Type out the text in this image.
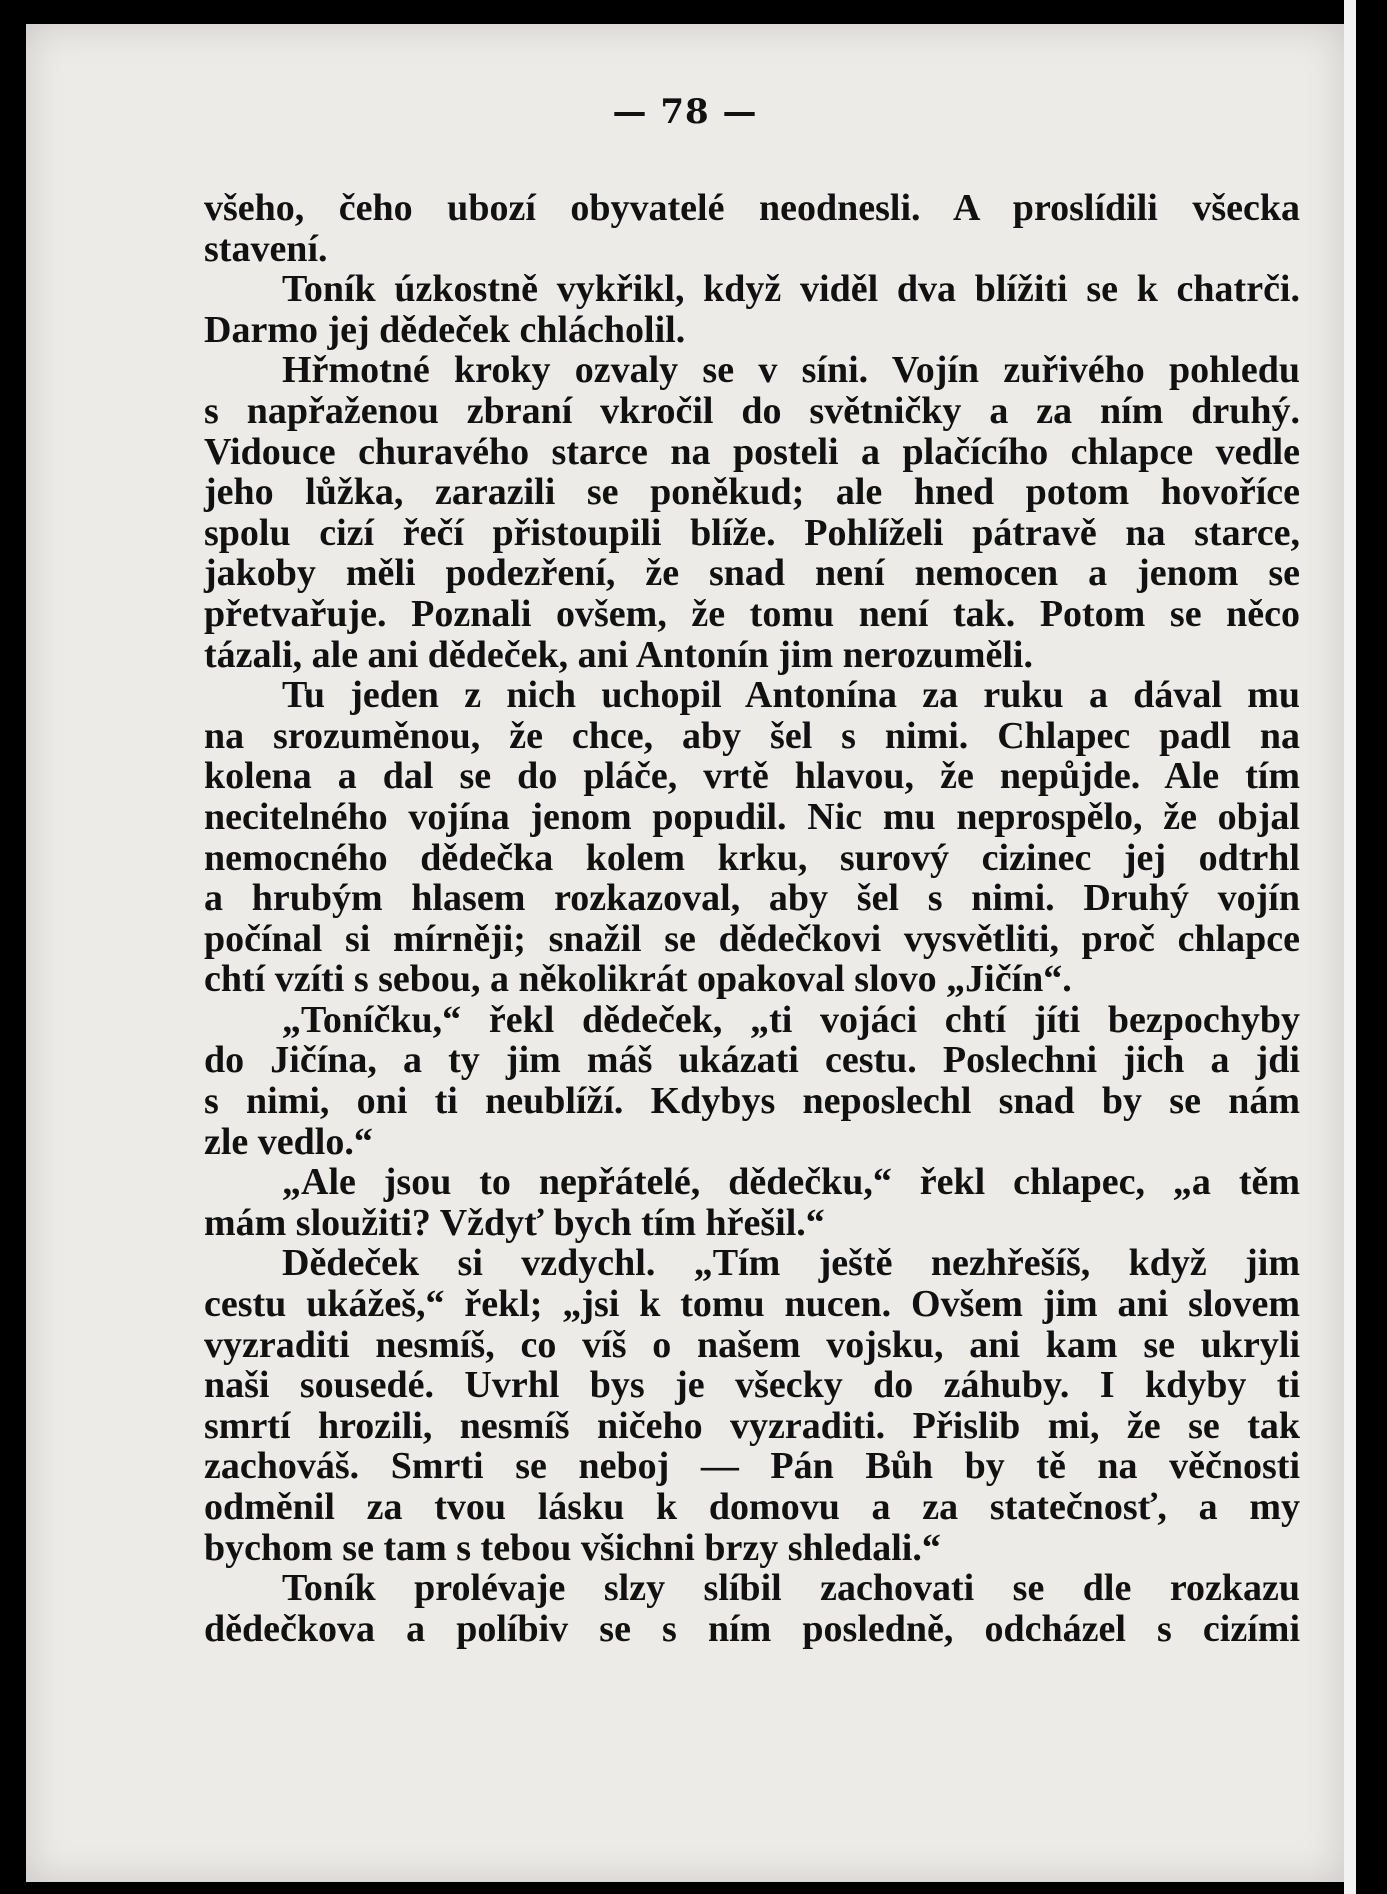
— 78 —
všeho, čeho ubozí obyvatelé neodnesli. A proslídili všecka
stavení.
Toník úzkostně vykřikl, když viděl dva blížiti se k chatrči.
Darmo jej dědeček chlácholil.
Hřmotné kroky ozvaly se v síni. Vojín zuřivého pohledu
s napřaženou zbraní vkročil do světničky a za ním druhý.
Vidouce churavého starce na posteli a plačícího chlapce vedle
jeho lůžka, zarazili se poněkud; ale hned potom hovoříce
spolu cizí řečí přistoupili blíže. Pohlíželi pátravě na starce,
jakoby měli podezření, že snad není nemocen a jenom se
přetvařuje. Poznali ovšem, že tomu není tak. Potom se něco
tázali, ale ani dědeček, ani Antonín jim nerozuměli.
Tu jeden z nich uchopil Antonína za ruku a dával mu
na srozuměnou, že chce, aby šel s nimi. Chlapec padl na
kolena a dal se do pláče, vrtě hlavou, že nepůjde. Ale tím
necitelného vojína jenom popudil. Nic mu neprospělo, že objal
nemocného dědečka kolem krku, surový cizinec jej odtrhl
a hrubým hlasem rozkazoval, aby šel s nimi. Druhý vojín
počínal si mírněji; snažil se dědečkovi vysvětliti, proč chlapce
chtí vzíti s sebou, a několikrát opakoval slovo „Jičín“.
„Toníčku,“ řekl dědeček, „ti vojáci chtí jíti bezpochyby
do Jičína, a ty jim máš ukázati cestu. Poslechni jich a jdi
s nimi, oni ti neublíží. Kdybys neposlechl snad by se nám
zle vedlo.“
„Ale jsou to nepřátelé, dědečku,“ řekl chlapec, „a těm
mám sloužiti? Vždyť bych tím hřešil.“
Dědeček si vzdychl. „Tím ještě nezhřešíš, když jim
cestu ukážeš,“ řekl; „jsi k tomu nucen. Ovšem jim ani slovem
vyzraditi nesmíš, co víš o našem vojsku, ani kam se ukryli
naši sousedé. Uvrhl bys je všecky do záhuby. I kdyby ti
smrtí hrozili, nesmíš ničeho vyzraditi. Přislib mi, že se tak
zachováš. Smrti se neboj — Pán Bůh by tě na věčnosti
odměnil za tvou lásku k domovu a za statečnosť, a my
bychom se tam s tebou všichni brzy shledali.“
Toník prolévaje slzy slíbil zachovati se dle rozkazu
dědečkova a políbiv se s ním posledně, odcházel s cizími
